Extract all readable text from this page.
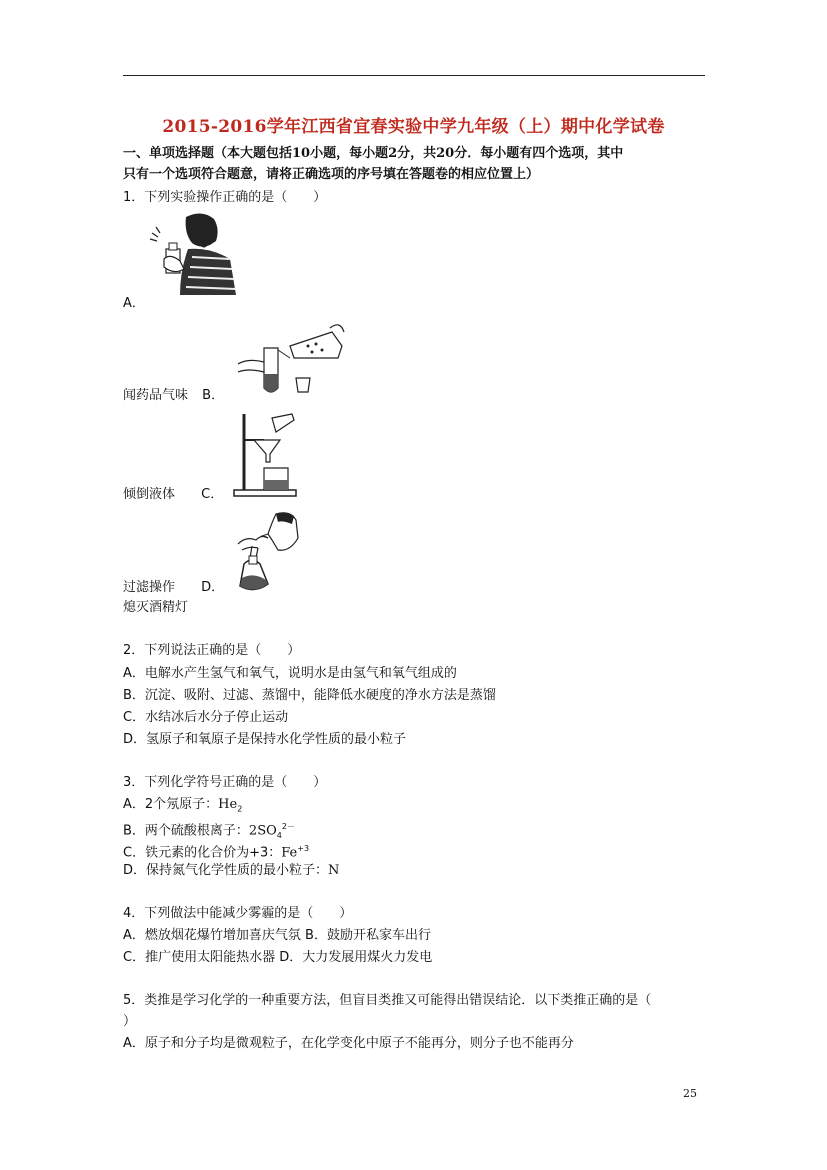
2015-2016学年江西省宜春实验中学九年级（上）期中化学试卷
一、单项选择题（本大题包括10小题，每小题2分，共20分．每小题有四个选项，其中
只有一个选项符合题意，请将正确选项的序号填在答题卷的相应位置上）
1．下列实验操作正确的是（　　）
A．
闻药品气味 B．
倾倒液体 C．
过滤操作 D．
熄灭酒精灯
2．下列说法正确的是（　　）
A．电解水产生氢气和氧气，说明水是由氢气和氧气组成的
B．沉淀、吸附、过滤、蒸馏中，能降低水硬度的净水方法是蒸馏
C．水结冰后水分子停止运动
D．氢原子和氧原子是保持水化学性质的最小粒子
3．下列化学符号正确的是（　　）
A．2个氖原子：$He_2$
B．两个硫酸根离子：$2SO_4^{2-}$
C．铁元素的化合价为+3：$Fe^{+3}$
D．保持氮气化学性质的最小粒子：N
4．下列做法中能减少雾霾的是（　　）
A．燃放烟花爆竹增加喜庆气氛 B．鼓励开私家车出行
C．推广使用太阳能热水器 D．大力发展用煤火力发电
5．类推是学习化学的一种重要方法，但盲目类推又可能得出错误结论．以下类推正确的是（
）
A．原子和分子均是微观粒子，在化学变化中原子不能再分，则分子也不能再分
25
